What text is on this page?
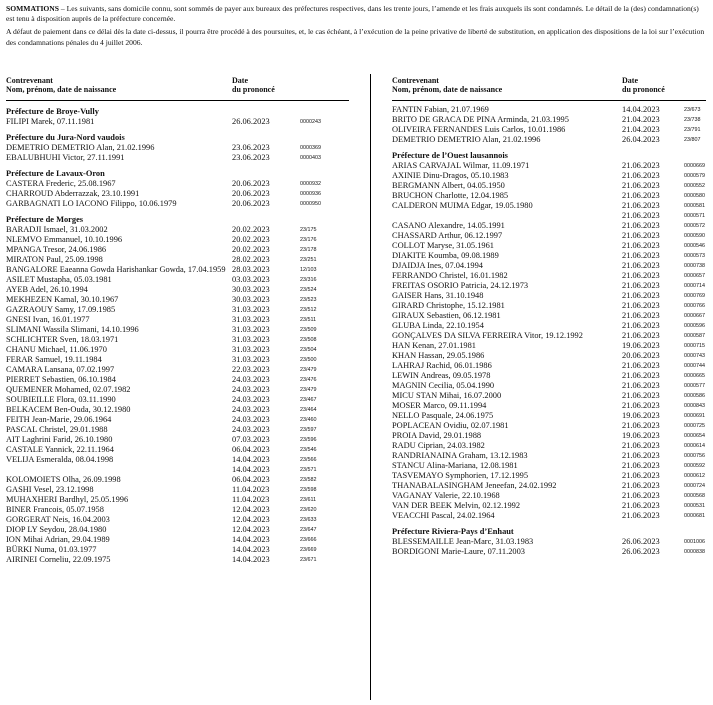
SOMMATIONS – Les suivants, sans domicile connu, sont sommés de payer aux bureaux des préfectures respectives, dans les trente jours, l’amende et les frais auxquels ils sont condamnés. Le détail de la (des) condamnation(s) est tenu à disposition auprès de la préfecture concernée.

A défaut de paiement dans ce délai dès la date ci-dessus, il pourra être procédé à des poursuites, et, le cas échéant, à l’exécution de la peine privative de liberté de substitution, en application des dispositions de la loi sur l’exécution des condamnations pénales du 4 juillet 2006.

Contrevenant
Nom, prénom, date de naissance
Date
du prononcé
Préfecture de Broye-Vully
FILIPI Marek, 07.11.1981	26.06.2023	0000243
Préfecture du Jura-Nord vaudois
DEMETRIO DEMETRIO Alan, 21.02.1996	23.06.2023	0000369
EBALUBHUHI Victor, 27.11.1991	23.06.2023	0000403
Préfecture de Lavaux-Oron
CASTERA Frederic, 25.08.1967	20.06.2023	0000932
CHARROUD Abderrazzak, 23.10.1991	20.06.2023	0000936
GARBAGNATI LO IACONO Filippo, 10.06.1979	20.06.2023	0000950
Préfecture de Morges
BARADJI Ismael, 31.03.2002	20.02.2023	23/175
NLEMVO Emmanuel, 10.10.1996	20.02.2023	23/176
MPANGA Tresor, 24.06.1986	20.02.2023	23/178
MIRATON Paul, 25.09.1998	28.02.2023	23/251
BANGALORE Eaeanna Gowda Harishankar Gowda, 17.04.1959 28.03.2023	12/103
ASILET Mustapha, 05.03.1981	03.03.2023	23/316
AYEB Adel, 26.10.1994	30.03.2023	23/524
MEKHEZEN Kamal, 30.10.1967	30.03.2023	23/523
GAZRAOUY Samy, 17.09.1985	31.03.2023	23/512
GNESI Ivan, 16.01.1977	31.03.2023	23/511
SLIMANI Wassila Slimani, 14.10.1996	31.03.2023	23/509
SCHLICHTER Sven, 18.03.1971	31.03.2023	23/508
CHANU Michael, 11.06.1970	31.03.2023	23/504
FERAR Samuel, 19.11.1984	31.03.2023	23/500
CAMARA Lansana, 07.02.1997	22.03.2023	23/479
PIERRET Sebastien, 06.10.1984	24.03.2023	23/476
QUEMENER Mohamed, 02.07.1982	24.03.2023	23/479
SOUBIEILLE Flora, 03.11.1990	24.03.2023	23/467
BELKACEM Ben-Ouda, 30.12.1980	24.03.2023	23/464
FEITH Jean-Marie, 29.06.1964	24.03.2023	23/460
PASCAL Christel, 29.01.1988	24.03.2023	23/597
AIT Laghrini Farid, 26.10.1980	07.03.2023	23/596
CASTALE Yannick, 22.11.1964	06.04.2023	23/546
VELIJA Esmeralda, 08.04.1998	14.04.2023	23/566
14.04.2023	23/571
KOLOMOIETS Olha, 26.09.1998	06.04.2023	23/582
GASHI Vesel, 23.12.1998	11.04.2023	23/598
MUHAXHERI Bardhyl, 25.05.1996	11.04.2023	23/611
BINER Francois, 05.07.1958	12.04.2023	23/620
GORGERAT Neis, 16.04.2003	12.04.2023	23/633
DIOP LY Seydou, 28.04.1980	12.04.2023	23/647
ION Mihai Adrian, 29.04.1989	14.04.2023	23/666
BÜRKI Numa, 01.03.1977	14.04.2023	23/669
AIRINEI Corneliu, 22.09.1975	14.04.2023	23/671
Contrevenant
Nom, prénom, date de naissance
Date
du prononcé
FANTIN Fabian, 21.07.1969	14.04.2023	23/673
BRITO DE GRACA DE PINA Arminda, 21.03.1995	21.04.2023	23/738
OLIVEIRA FERNANDES Luis Carlos, 10.01.1986	21.04.2023	23/791
DEMETRIO DEMETRIO Alan, 21.02.1996	26.04.2023	23/807
Préfecture de l’Ouest lausannois
ARIAS CARVAJAL Wilmar, 11.09.1971	21.06.2023	0000669
AXINIE Dinu-Dragos, 05.10.1983	21.06.2023	0000579
BERGMANN Albert, 04.05.1950	21.06.2023	0000552
BRUCHON Charlotte, 12.04.1985	21.06.2023	0000580
CALDERON MUIMA Edgar, 19.05.1980	21.06.2023	0000581
21.06.2023	0000571
CASANO Alexandre, 14.05.1991	21.06.2023	0000572
CHASSARD Arthur, 06.12.1997	21.06.2023	0000590
COLLOT Maryse, 31.05.1961	21.06.2023	0000546
DIAKITE Koumba, 09.08.1989	21.06.2023	0000573
DJAIDJA Ines, 07.04.1994	21.06.2023	0000738
FERRANDO Christel, 16.01.1982	21.06.2023	0000657
FREITAS OSORIO Patricia, 24.12.1973	21.06.2023	0000714
GAISER Hans, 31.10.1948	21.06.2023	0000769
GIRARD Christophe, 15.12.1981	21.06.2023	0000766
GIRAUX Sebastien, 06.12.1981	21.06.2023	0000667
GLUBA Linda, 22.10.1954	21.06.2023	0000596
GONÇALVES DA SILVA FERREIRA Vitor, 19.12.1992	21.06.2023	0000587
HAN Kenan, 27.01.1981	19.06.2023	0000715
KHAN Hassan, 29.05.1986	20.06.2023	0000743
LAHRAJ Rachid, 06.01.1986	21.06.2023	0000744
LEWIN Andreas, 09.05.1978	21.06.2023	0000665
MAGNIN Cecilia, 05.04.1990	21.06.2023	0000577
MICU STAN Mihai, 16.07.2000	21.06.2023	0000586
MOSER Marco, 09.11.1994	21.06.2023	0000843
NELLO Pasquale, 24.06.1975	19.06.2023	0000691
POPLACEAN Ovidiu, 02.07.1981	21.06.2023	0000725
PROIA David, 29.01.1988	19.06.2023	0000654
RADU Ciprian, 24.03.1982	21.06.2023	0000614
RANDRIANAINA Graham, 13.12.1983	21.06.2023	0000756
STANCU Alina-Mariana, 12.08.1981	21.06.2023	0000592
TASVEMAYO Symphorien, 17.12.1995	21.06.2023	0000612
THANABALASINGHAM Jeneefan, 24.02.1992	21.06.2023	0000724
VAGANAY Valerie, 22.10.1968	21.06.2023	0000568
VAN DER BEEK Melvin, 02.12.1992	21.06.2023	0000531
VEACCHI Pascal, 24.02.1964	21.06.2023	0000681
Préfecture Riviera-Pays d’Enhaut
BLESSEMAILLE Jean-Marc, 31.03.1983	26.06.2023	0001006
BORDIGONI Marie-Laure, 07.11.2003	26.06.2023	0000838
